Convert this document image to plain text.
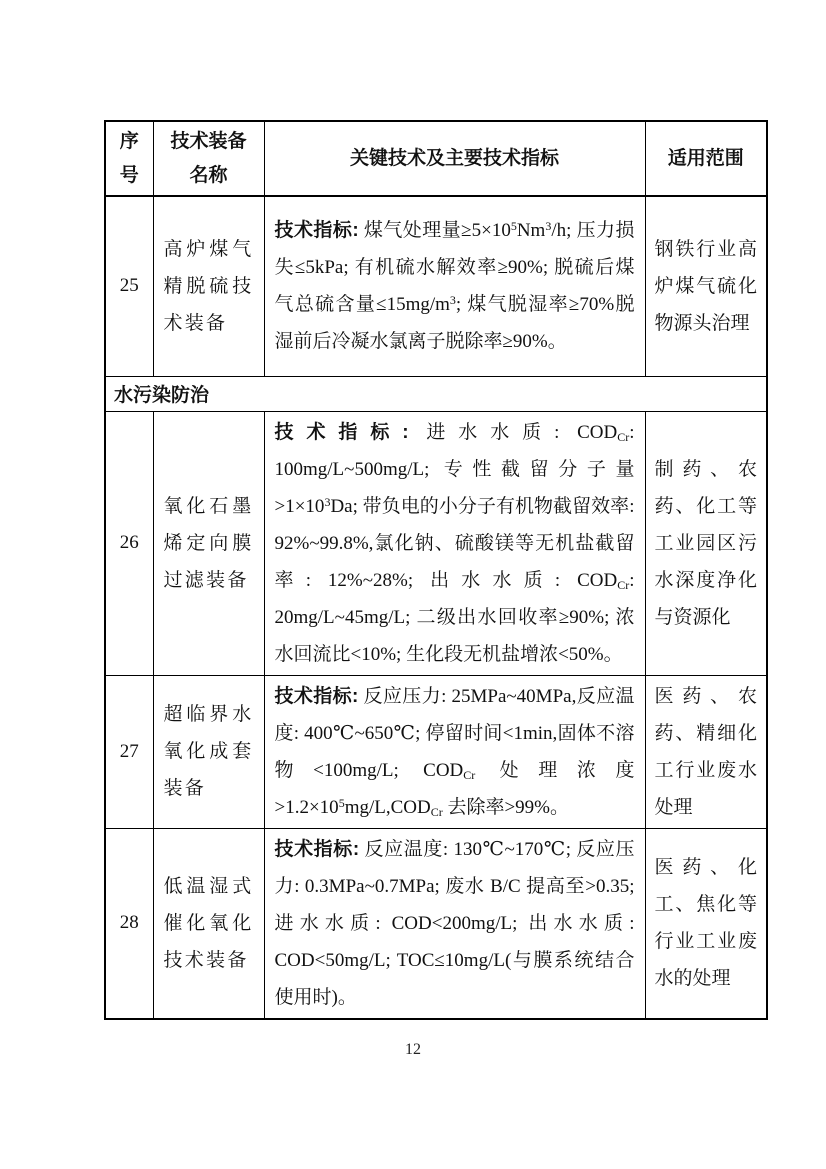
序号	技术装备名称	关键技术及主要技术指标	适用范围
25	高炉煤气精脱硫技术装备	技术指标: 煤气处理量$\ge 5\times 10^5Nm^3/h$; 压力损失≤5kPa; 有机硫水解效率≥90%; 脱硫后煤气总硫含量$\le 15mg/m^3$; 煤气脱湿率≥70%脱湿前后冷凝水氯离子脱除率≥90%。	钢铁行业高炉煤气硫化物源头治理
水污染防治			
26	氧化石墨烯定向膜过滤装备	技术指标: 进水水质: $COD_{Cr}$: 100mg/L~500mg/L; 专性截留分子量$>1\times 10^3Da$; 带负电的小分子有机物截留效率: 92%~99.8%,氯化钠、硫酸镁等无机盐截留率: 12%~28%; 出水水质: $COD_{Cr}$: 20mg/L~45mg/L; 二级出水回收率≥90%; 浓水回流比<10%; 生化段无机盐增浓<50%。	制药、农药、化工等工业园区污水深度净化与资源化
27	超临界水氧化成套装备	技术指标: 反应压力: 25MPa~40MPa,反应温度: 400℃~650℃; 停留时间<1min,固体不溶物<100mg/L; $COD_{Cr}$ 处理浓度$>1.2\times 10^5mg/L,COD_{Cr}$ 去除率>99%。	医药、农药、精细化工行业废水处理
28	低温湿式催化氧化技术装备	技术指标: 反应温度: 130℃~170℃; 反应压力: 0.3MPa~0.7MPa; 废水 B/C 提高至>0.35; 进水水质: COD<200mg/L; 出水水质: COD<50mg/L; TOC≤10mg/L(与膜系统结合使用时)。	医药、化工、焦化等行业工业废水的处理
12
